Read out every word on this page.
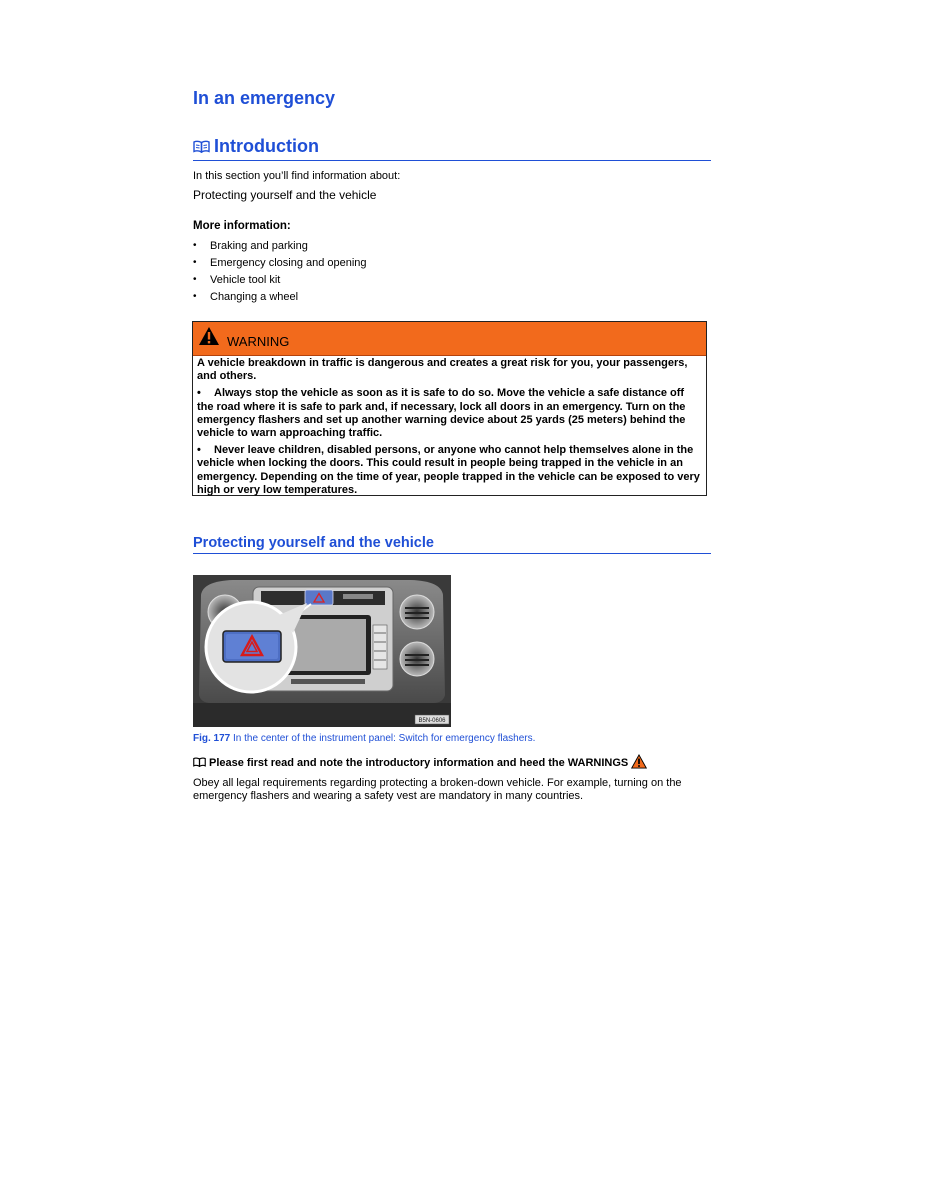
In an emergency
Introduction
In this section you’ll find information about:
Protecting yourself and the vehicle
More information:
• Braking and parking
• Emergency closing and opening
• Vehicle tool kit
• Changing a wheel
WARNING

A vehicle breakdown in traffic is dangerous and creates a great risk for you, your passengers, and others.

• Always stop the vehicle as soon as it is safe to do so. Move the vehicle a safe distance off the road where it is safe to park and, if necessary, lock all doors in an emergency. Turn on the emergency flashers and set up another warning device about 25 yards (25 meters) behind the vehicle to warn approaching traffic.

• Never leave children, disabled persons, or anyone who cannot help themselves alone in the vehicle when locking the doors. This could result in people being trapped in the vehicle in an emergency. Depending on the time of year, people trapped in the vehicle can be exposed to very high or very low temperatures.

Protecting yourself and the vehicle
B5N-0606
Fig. 177 In the center of the instrument panel: Switch for emergency flashers.
Please first read and note the introductory information and heed the WARNINGS
Obey all legal requirements regarding protecting a broken-down vehicle. For example, turning on the emergency flashers and wearing a safety vest are mandatory in many countries.
